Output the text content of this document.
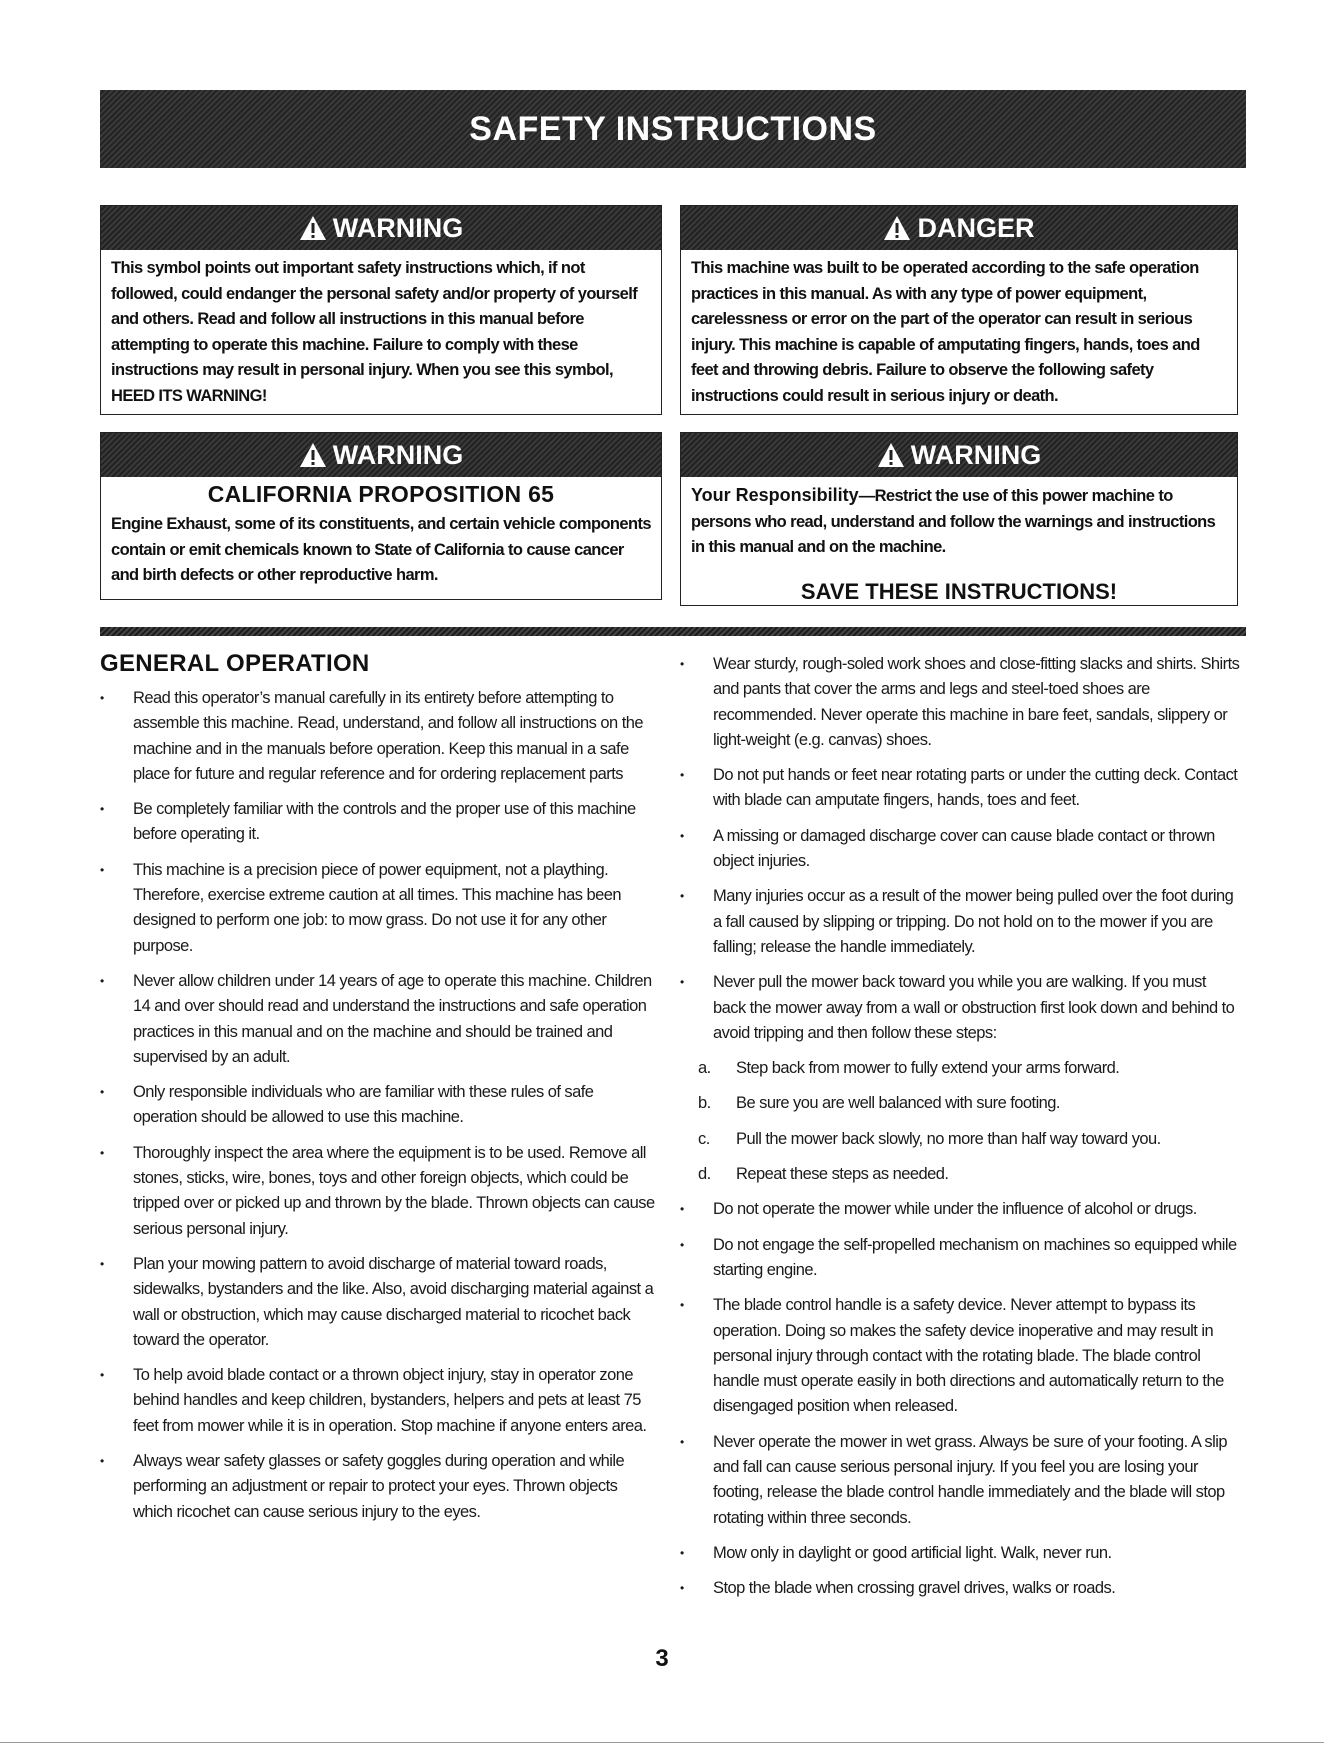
SAFETY INSTRUCTIONS
WARNING
This symbol points out important safety instructions which, if not followed, could endanger the personal safety and/or property of yourself and others. Read and follow all instructions in this manual before attempting to operate this machine. Failure to comply with these instructions may result in personal injury. When you see this symbol, HEED ITS WARNING!
DANGER
This machine was built to be operated according to the safe operation practices in this manual. As with any type of power equipment, carelessness or error on the part of the operator can result in serious injury. This machine is capable of amputating fingers, hands, toes and feet and throwing debris. Failure to observe the following safety instructions could result in serious injury or death.
WARNING
CALIFORNIA PROPOSITION 65
Engine Exhaust, some of its constituents, and certain vehicle components contain or emit chemicals known to State of California to cause cancer and birth defects or other reproductive harm.
WARNING
Your Responsibility—Restrict the use of this power machine to persons who read, understand and follow the warnings and instructions in this manual and on the machine.
SAVE THESE INSTRUCTIONS!
GENERAL OPERATION
• Read this operator’s manual carefully in its entirety before attempting to assemble this machine. Read, understand, and follow all instructions on the machine and in the manuals before operation. Keep this manual in a safe place for future and regular reference and for ordering replacement parts
• Be completely familiar with the controls and the proper use of this machine before operating it.
• This machine is a precision piece of power equipment, not a plaything. Therefore, exercise extreme caution at all times. This machine has been designed to perform one job: to mow grass. Do not use it for any other purpose.
• Never allow children under 14 years of age to operate this machine. Children 14 and over should read and understand the instructions and safe operation practices in this manual and on the machine and should be trained and supervised by an adult.
• Only responsible individuals who are familiar with these rules of safe operation should be allowed to use this machine.
• Thoroughly inspect the area where the equipment is to be used. Remove all stones, sticks, wire, bones, toys and other foreign objects, which could be tripped over or picked up and thrown by the blade. Thrown objects can cause serious personal injury.
• Plan your mowing pattern to avoid discharge of material toward roads, sidewalks, bystanders and the like. Also, avoid discharging material against a wall or obstruction, which may cause discharged material to ricochet back toward the operator.
• To help avoid blade contact or a thrown object injury, stay in operator zone behind handles and keep children, bystanders, helpers and pets at least 75 feet from mower while it is in operation. Stop machine if anyone enters area.
• Always wear safety glasses or safety goggles during operation and while performing an adjustment or repair to protect your eyes. Thrown objects which ricochet can cause serious injury to the eyes.
• Wear sturdy, rough-soled work shoes and close-fitting slacks and shirts. Shirts and pants that cover the arms and legs and steel-toed shoes are recommended. Never operate this machine in bare feet, sandals, slippery or light-weight (e.g. canvas) shoes.
• Do not put hands or feet near rotating parts or under the cutting deck. Contact with blade can amputate fingers, hands, toes and feet.
• A missing or damaged discharge cover can cause blade contact or thrown object injuries.
• Many injuries occur as a result of the mower being pulled over the foot during a fall caused by slipping or tripping. Do not hold on to the mower if you are falling; release the handle immediately.
• Never pull the mower back toward you while you are walking. If you must back the mower away from a wall or obstruction first look down and behind to avoid tripping and then follow these steps:
a. Step back from mower to fully extend your arms forward.
b. Be sure you are well balanced with sure footing.
c. Pull the mower back slowly, no more than half way toward you.
d. Repeat these steps as needed.
• Do not operate the mower while under the influence of alcohol or drugs.
• Do not engage the self-propelled mechanism on machines so equipped while starting engine.
• The blade control handle is a safety device. Never attempt to bypass its operation. Doing so makes the safety device inoperative and may result in personal injury through contact with the rotating blade. The blade control handle must operate easily in both directions and automatically return to the disengaged position when released.
• Never operate the mower in wet grass. Always be sure of your footing. A slip and fall can cause serious personal injury. If you feel you are losing your footing, release the blade control handle immediately and the blade will stop rotating within three seconds.
• Mow only in daylight or good artificial light. Walk, never run.
• Stop the blade when crossing gravel drives, walks or roads.
3
